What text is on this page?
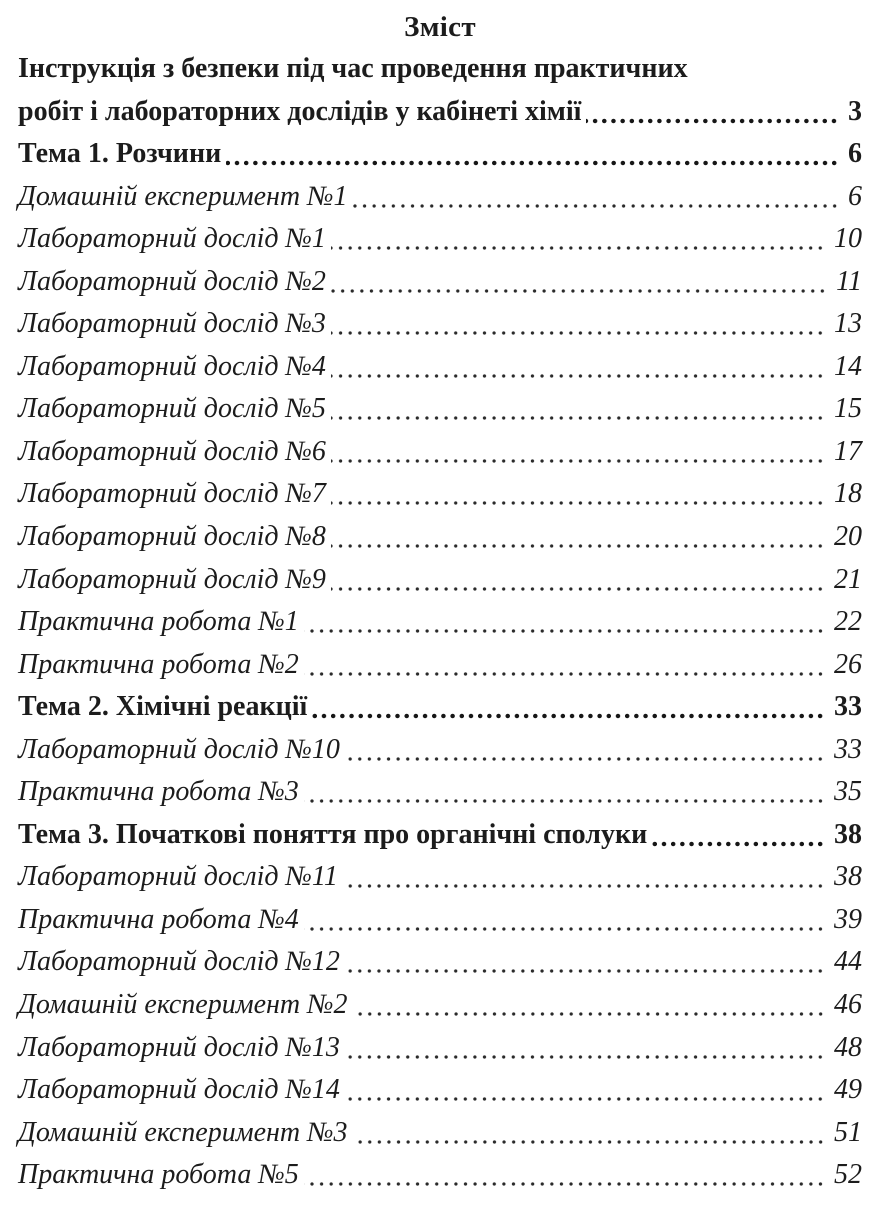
Зміст
Інструкція з безпеки під час проведення практичних
робіт і лабораторних дослідів у кабінеті хімії	3
Тема 1. Розчини	6
Домашній експеримент №1	6
Лабораторний дослід №1	10
Лабораторний дослід №2	11
Лабораторний дослід №3	13
Лабораторний дослід №4	14
Лабораторний дослід №5	15
Лабораторний дослід №6	17
Лабораторний дослід №7	18
Лабораторний дослід №8	20
Лабораторний дослід №9	21
Практична робота №1	22
Практична робота №2	26
Тема 2. Хімічні реакції	33
Лабораторний дослід №10	33
Практична робота №3	35
Тема 3. Початкові поняття про органічні сполуки	38
Лабораторний дослід №11	38
Практична робота №4	39
Лабораторний дослід №12	44
Домашній експеримент №2	46
Лабораторний дослід №13	48
Лабораторний дослід №14	49
Домашній експеримент №3	51
Практична робота №5	52
